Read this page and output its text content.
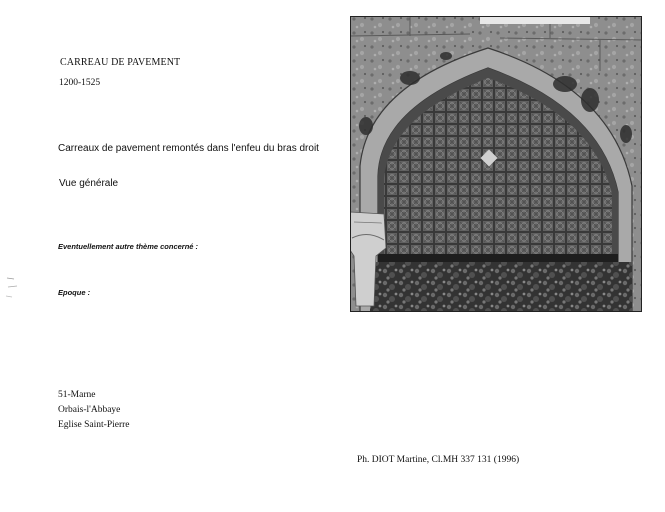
CARREAU DE PAVEMENT
1200-1525
Carreaux de pavement remontés dans l'enfeu du bras droit
Vue générale
Eventuellement autre thème concerné :
Epoque :
51-Marne
Orbais-l'Abbaye
Eglise Saint-Pierre
Ph. DIOT Martine, Cl.MH 337 131 (1996)
